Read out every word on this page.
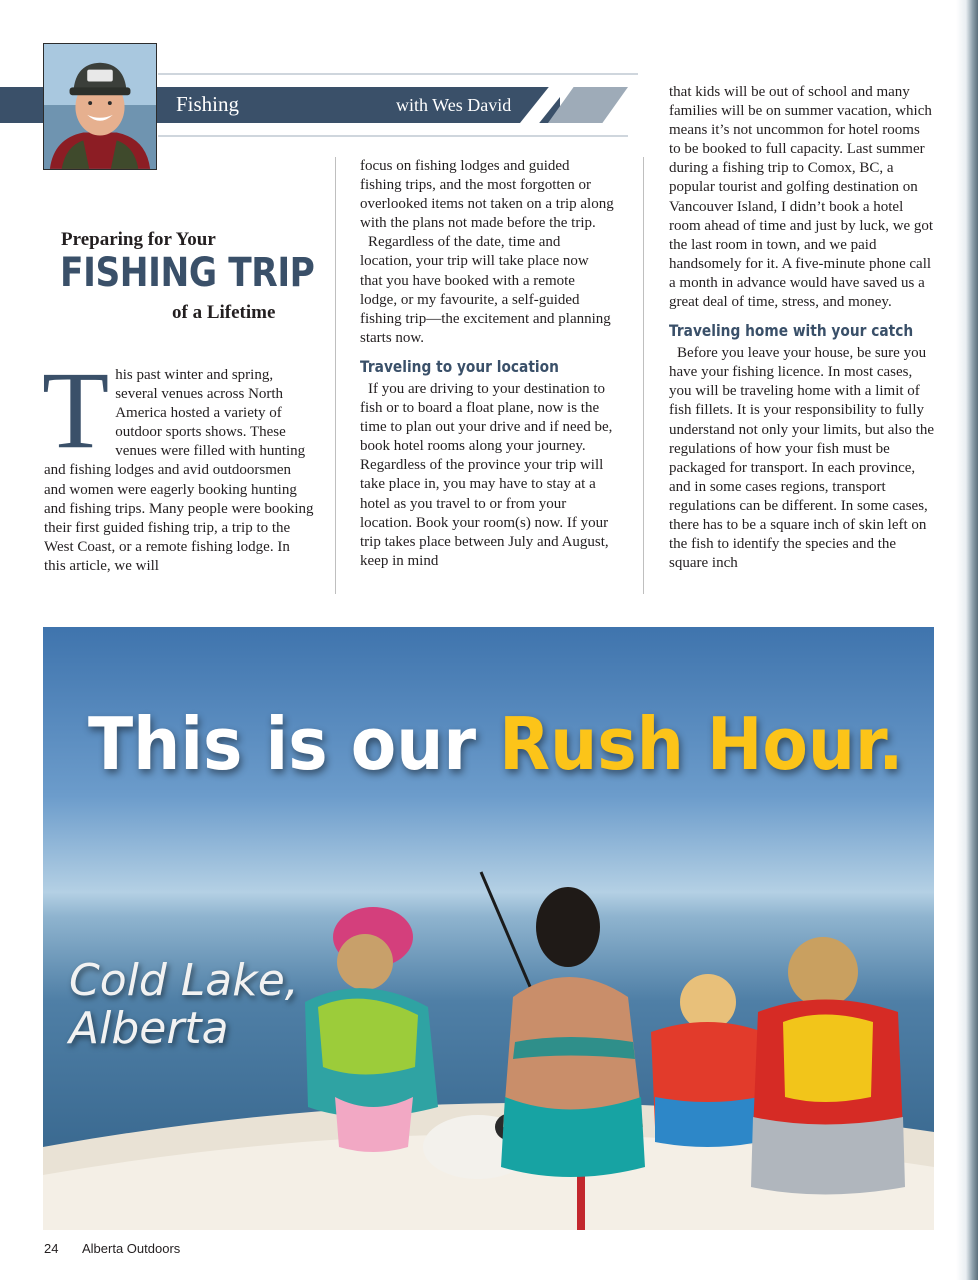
Fishing	with Wes David
Preparing for Your
FISHING TRIP
of a Lifetime
T his past winter and spring, several venues across North America hosted a variety of outdoor sports shows. These venues were filled with hunting and fishing lodges and avid outdoorsmen and women were eagerly booking hunting and fishing trips. Many people were booking their first guided fishing trip, a trip to the West Coast, or a remote fishing lodge. In this article, we will

focus on fishing lodges and guided fishing trips, and the most forgotten or overlooked items not taken on a trip along with the plans not made before the trip.

Regardless of the date, time and location, your trip will take place now that you have booked with a remote lodge, or my favourite, a self-guided fishing trip—the excitement and planning starts now.

Traveling to your location

If you are driving to your destination to fish or to board a float plane, now is the time to plan out your drive and if need be, book hotel rooms along your journey. Regardless of the province your trip will take place in, you may have to stay at a hotel as you travel to or from your location. Book your room(s) now. If your trip takes place between July and August, keep in mind

that kids will be out of school and many families will be on summer vacation, which means it’s not uncommon for hotel rooms to be booked to full capacity. Last summer during a fishing trip to Comox, BC, a popular tourist and golfing destination on Vancouver Island, I didn’t book a hotel room ahead of time and just by luck, we got the last room in town, and we paid handsomely for it. A five-minute phone call a month in advance would have saved us a great deal of time, stress, and money.

Traveling home with your catch

Before you leave your house, be sure you have your fishing licence. In most cases, you will be traveling home with a limit of fish fillets. It is your responsibility to fully understand not only your limits, but also the regulations of how your fish must be packaged for transport. In each province, and in some cases regions, transport regulations can be different. In some cases, there has to be a square inch of skin left on the fish to identify the species and the square inch

This is our Rush Hour.
Cold Lake,
Alberta
24 Alberta Outdoors
